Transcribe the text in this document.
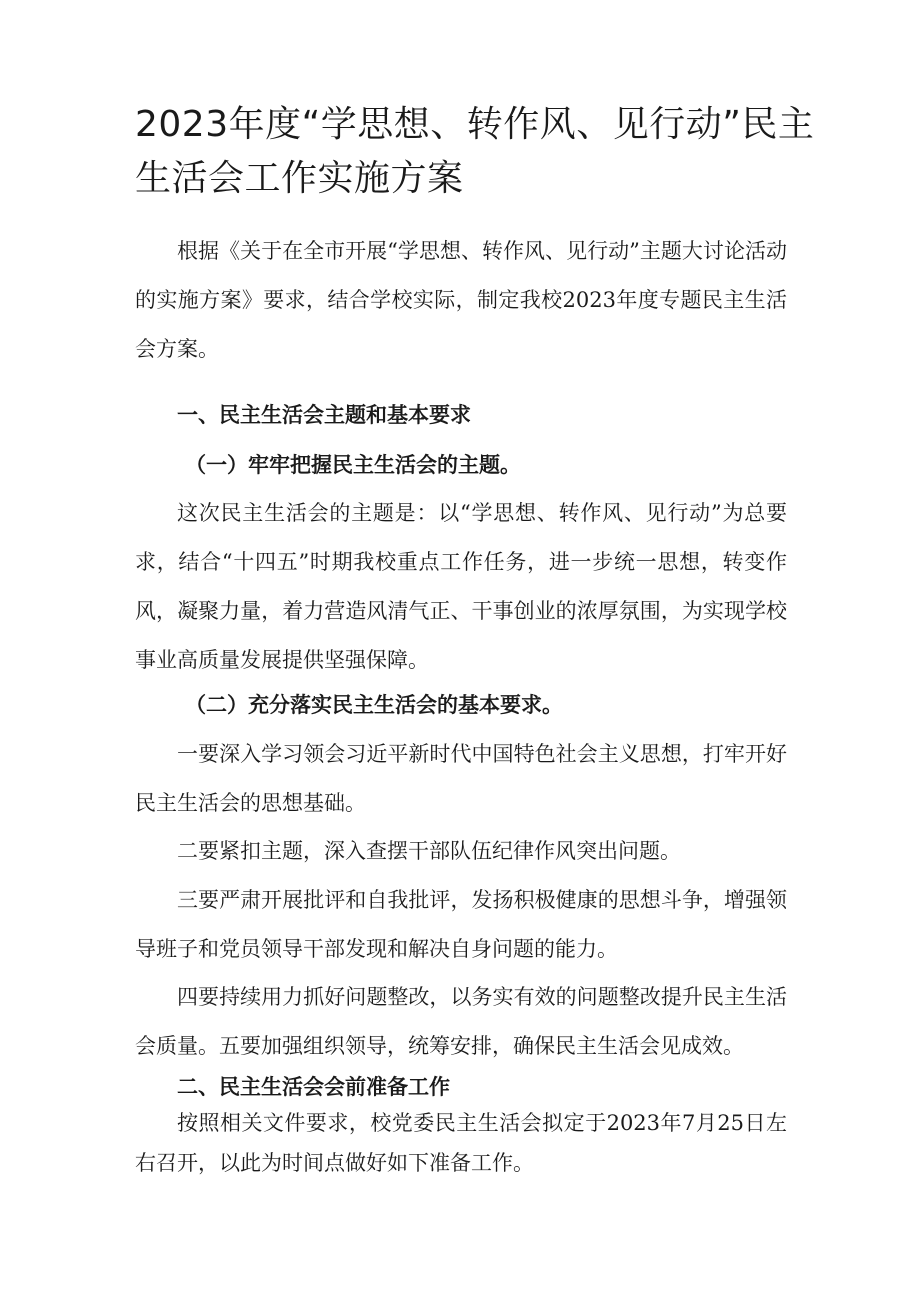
2023年度“学思想、转作风、见行动”民主生活会工作实施方案

根据《关于在全市开展“学思想、转作风、见行动”主题大讨论活动的实施方案》要求，结合学校实际，制定我校2023年度专题民主生活会方案。

一、民主生活会主题和基本要求
（一）牢牢把握民主生活会的主题。

这次民主生活会的主题是：以“学思想、转作风、见行动”为总要求，结合“十四五”时期我校重点工作任务，进一步统一思想，转变作风，凝聚力量，着力营造风清气正、干事创业的浓厚氛围，为实现学校事业高质量发展提供坚强保障。

（二）充分落实民主生活会的基本要求。

一要深入学习领会习近平新时代中国特色社会主义思想，打牢开好民主生活会的思想基础。

二要紧扣主题，深入查摆干部队伍纪律作风突出问题。

三要严肃开展批评和自我批评，发扬积极健康的思想斗争，增强领导班子和党员领导干部发现和解决自身问题的能力。

四要持续用力抓好问题整改，以务实有效的问题整改提升民主生活会质量。五要加强组织领导，统筹安排，确保民主生活会见成效。

二、民主生活会会前准备工作

按照相关文件要求，校党委民主生活会拟定于2023年7月25日左右召开，以此为时间点做好如下准备工作。
